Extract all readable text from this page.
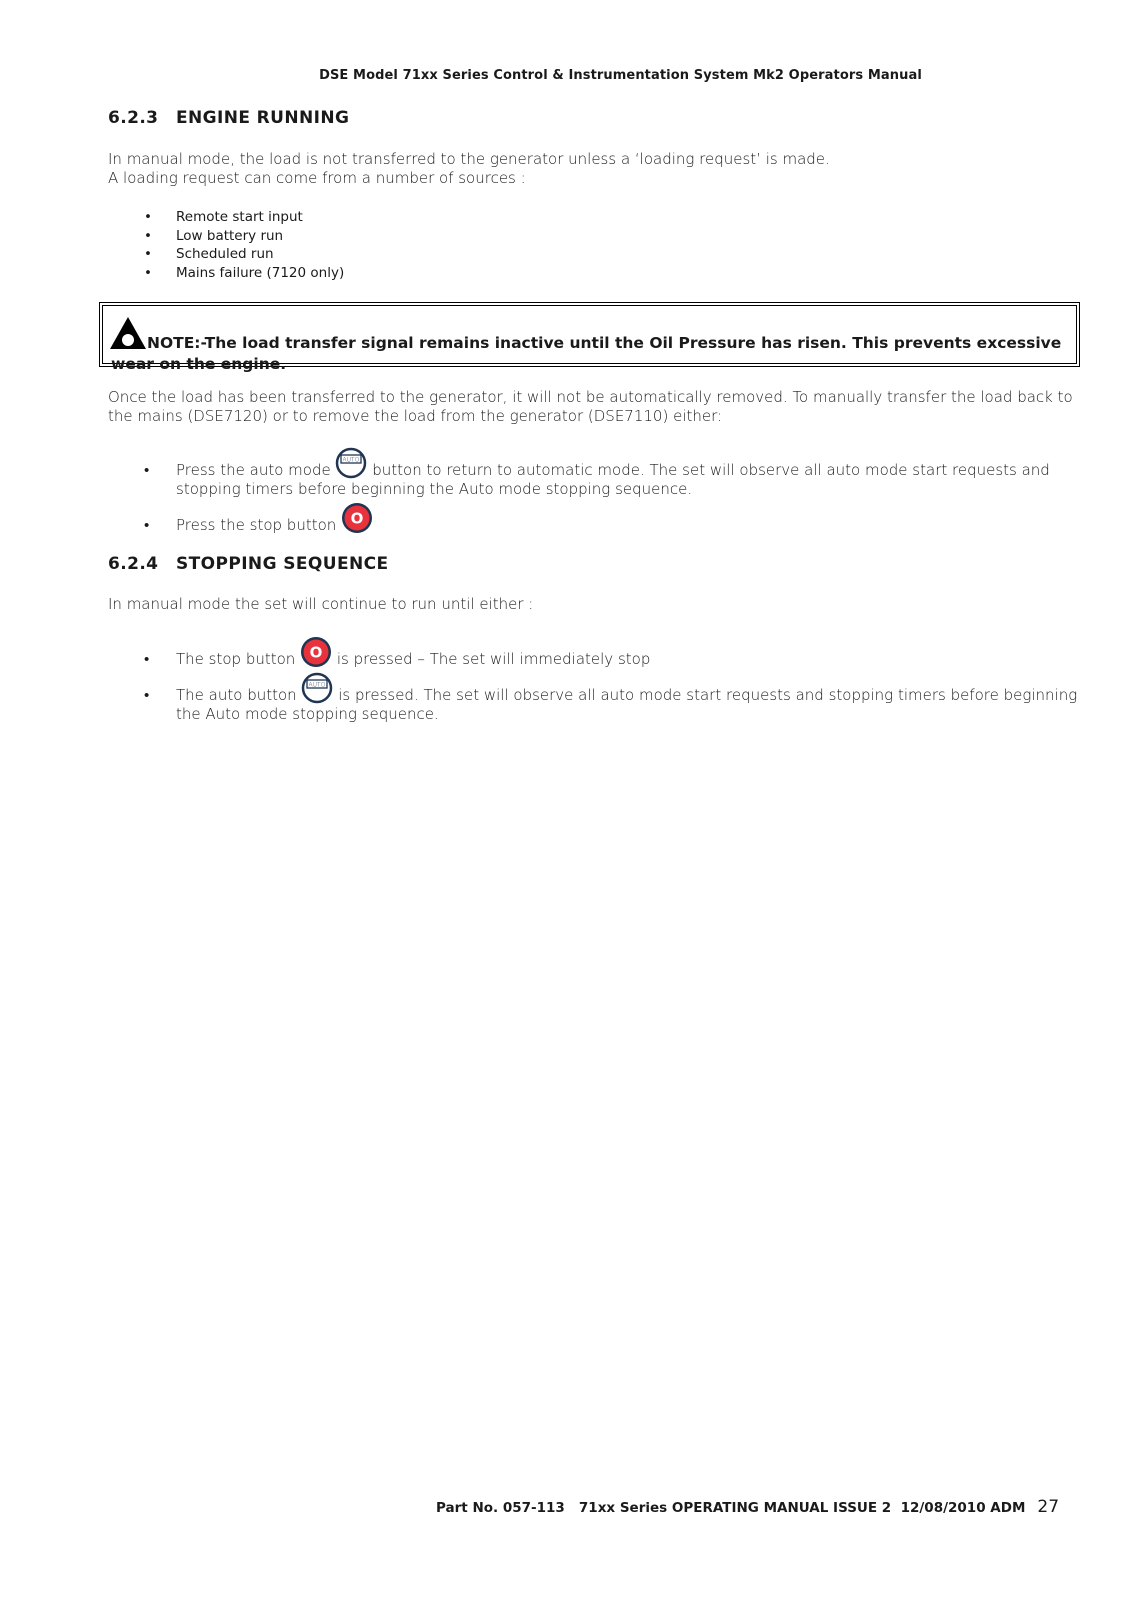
DSE Model 71xx Series Control & Instrumentation System Mk2 Operators Manual
6.2.3 ENGINE RUNNING
In manual mode, the load is not transferred to the generator unless a ‘loading request’ is made.
A loading request can come from a number of sources :
• Remote start input
• Low battery run
• Scheduled run
• Mains failure (7120 only)
NOTE:-The load transfer signal remains inactive until the Oil Pressure has risen. This prevents excessive wear on the engine.
Once the load has been transferred to the generator, it will not be automatically removed. To manually transfer the load back to the mains (DSE7120) or to remove the load from the generator (DSE7110) either:
• Press the auto mode
AUTO
button to return to automatic mode. The set will observe all auto mode start requests and stopping timers before beginning the Auto mode stopping sequence.
• Press the stop button O
6.2.4 STOPPING SEQUENCE
In manual mode the set will continue to run until either :
• The stop button O is pressed – The set will immediately stop
• The auto button
AUTO
is pressed. The set will observe all auto mode start requests and stopping timers before beginning the Auto mode stopping sequence.
Part No. 057-113   71xx Series OPERATING MANUAL ISSUE 2  12/08/2010 ADM 27
